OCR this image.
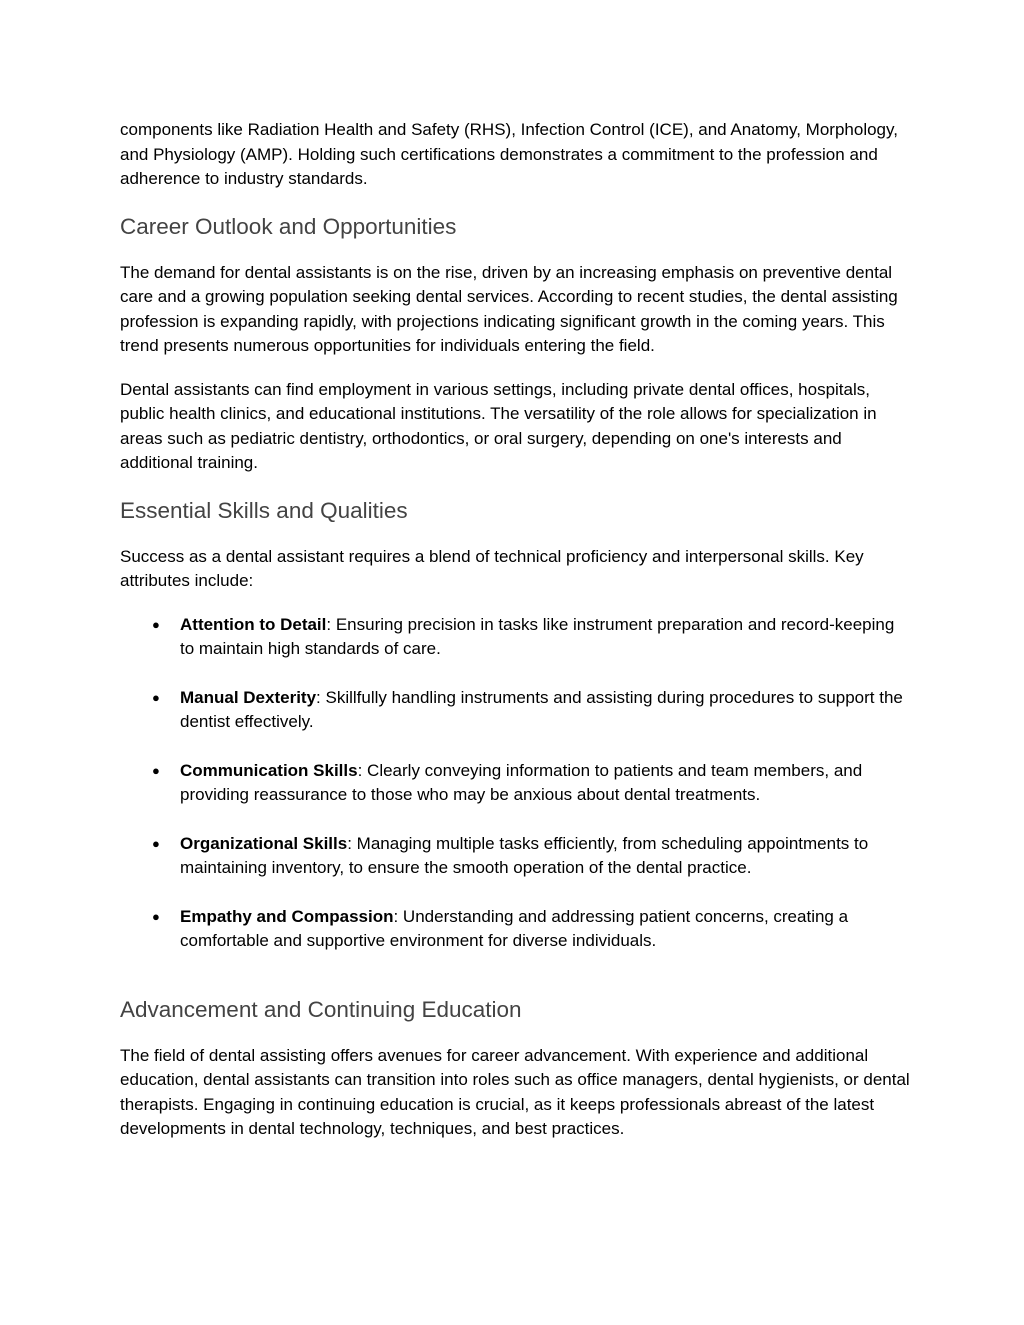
components like Radiation Health and Safety (RHS), Infection Control (ICE), and Anatomy, Morphology, and Physiology (AMP). Holding such certifications demonstrates a commitment to the profession and adherence to industry standards.

Career Outlook and Opportunities

The demand for dental assistants is on the rise, driven by an increasing emphasis on preventive dental care and a growing population seeking dental services. According to recent studies, the dental assisting profession is expanding rapidly, with projections indicating significant growth in the coming years. This trend presents numerous opportunities for individuals entering the field.

Dental assistants can find employment in various settings, including private dental offices, hospitals, public health clinics, and educational institutions. The versatility of the role allows for specialization in areas such as pediatric dentistry, orthodontics, or oral surgery, depending on one's interests and additional training.

Essential Skills and Qualities

Success as a dental assistant requires a blend of technical proficiency and interpersonal skills. Key attributes include:

● Attention to Detail: Ensuring precision in tasks like instrument preparation and record-keeping to maintain high standards of care.
● Manual Dexterity: Skillfully handling instruments and assisting during procedures to support the dentist effectively.
● Communication Skills: Clearly conveying information to patients and team members, and providing reassurance to those who may be anxious about dental treatments.
● Organizational Skills: Managing multiple tasks efficiently, from scheduling appointments to maintaining inventory, to ensure the smooth operation of the dental practice.
● Empathy and Compassion: Understanding and addressing patient concerns, creating a comfortable and supportive environment for diverse individuals.
Advancement and Continuing Education

The field of dental assisting offers avenues for career advancement. With experience and additional education, dental assistants can transition into roles such as office managers, dental hygienists, or dental therapists. Engaging in continuing education is crucial, as it keeps professionals abreast of the latest developments in dental technology, techniques, and best practices.
